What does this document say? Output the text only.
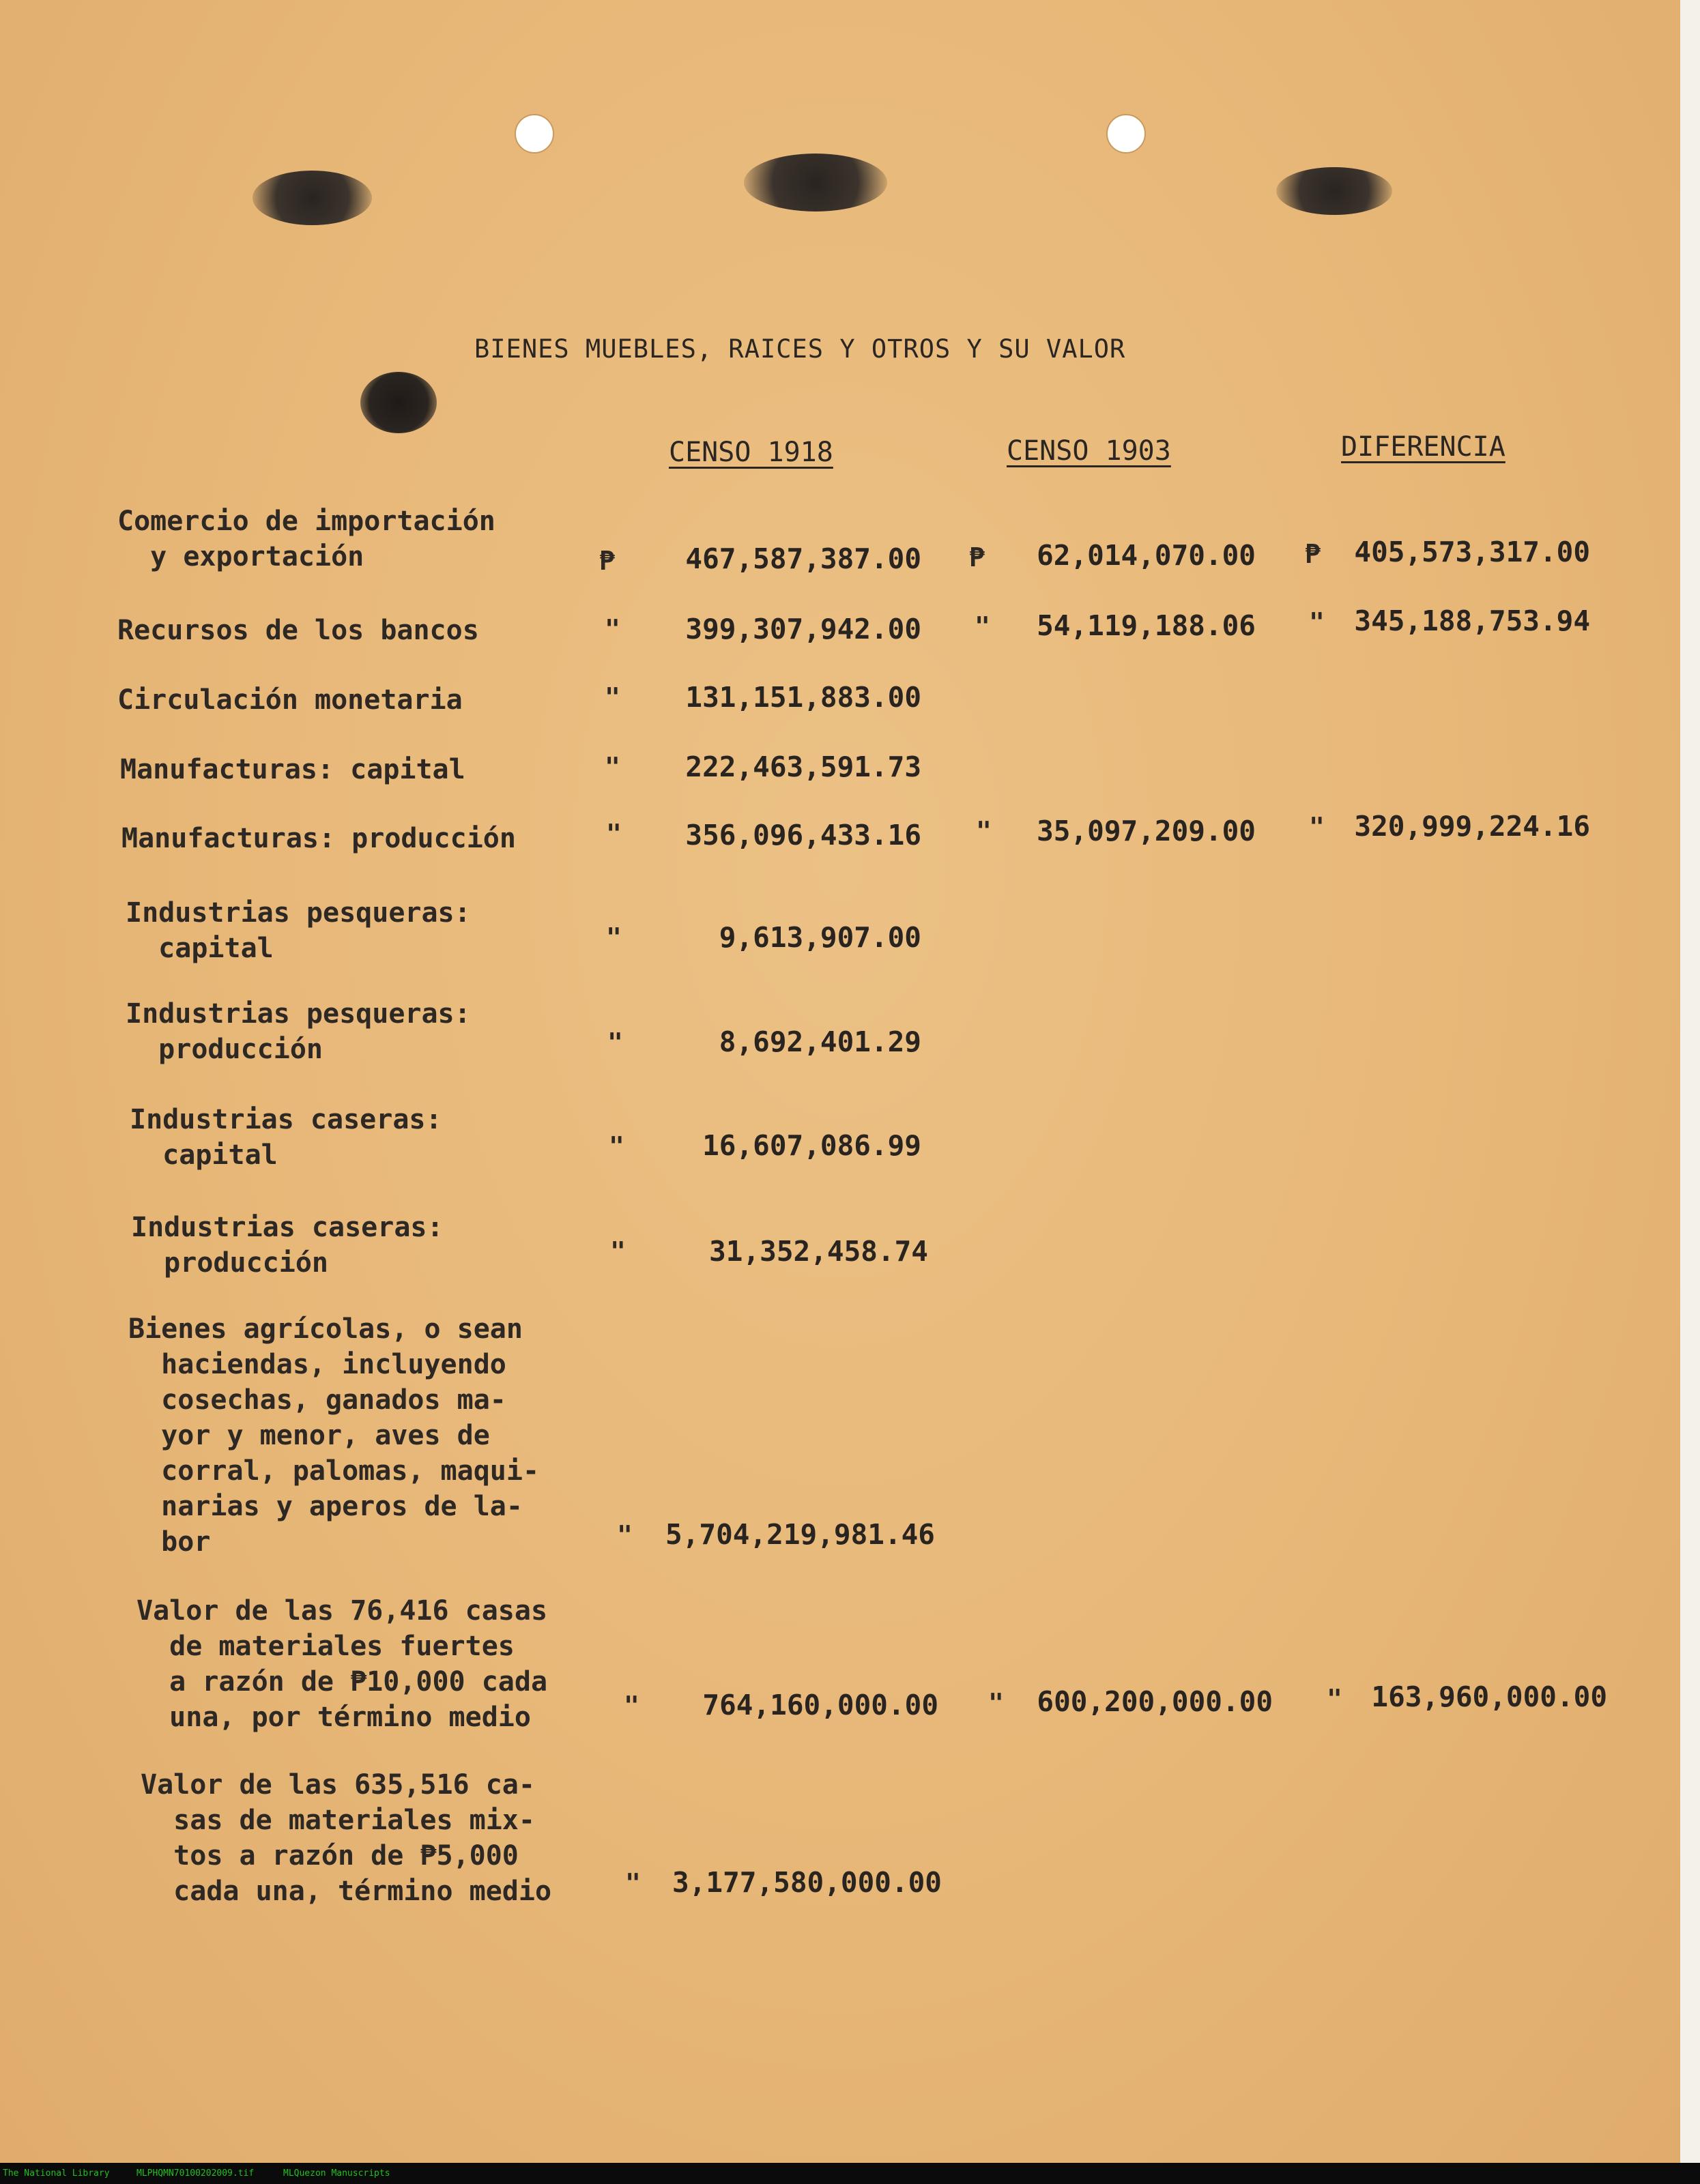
BIENES MUEBLES, RAICES Y OTROS Y SU VALOR
CENSO 1918	CENSO 1903	DIFERENCIA
Comercio de importación
y exportación	₱	467,587,387.00 ₱	62,014,070.00 ₱	405,573,317.00
Recursos de los bancos	"	399,307,942.00 "	54,119,188.06 "	345,188,753.94
Circulación monetaria	"	131,151,883.00
Manufacturas: capital	"	222,463,591.73
Manufacturas: producción	"	356,096,433.16 "	35,097,209.00 "	320,999,224.16
Industrias pesqueras:
capital	"	9,613,907.00
Industrias pesqueras:
producción	"	8,692,401.29
Industrias caseras:
capital	"	16,607,086.99
Industrias caseras:
producción	"	31,352,458.74
Bienes agrícolas, o sean
haciendas, incluyendo
cosechas, ganados ma-
yor y menor, aves de
corral, palomas, maqui-
narias y aperos de la-
bor	"	5,704,219,981.46
Valor de las 76,416 casas
de materiales fuertes
a razón de ₱10,000 cada
una, por término medio	"	764,160,000.00 "	600,200,000.00 "	163,960,000.00
Valor de las 635,516 ca-
sas de materiales mix-
tos a razón de ₱5,000
cada una, término medio	"	3,177,580,000.00
The National Library	MLPHQMN70100202009.tif	MLQuezon Manuscripts
